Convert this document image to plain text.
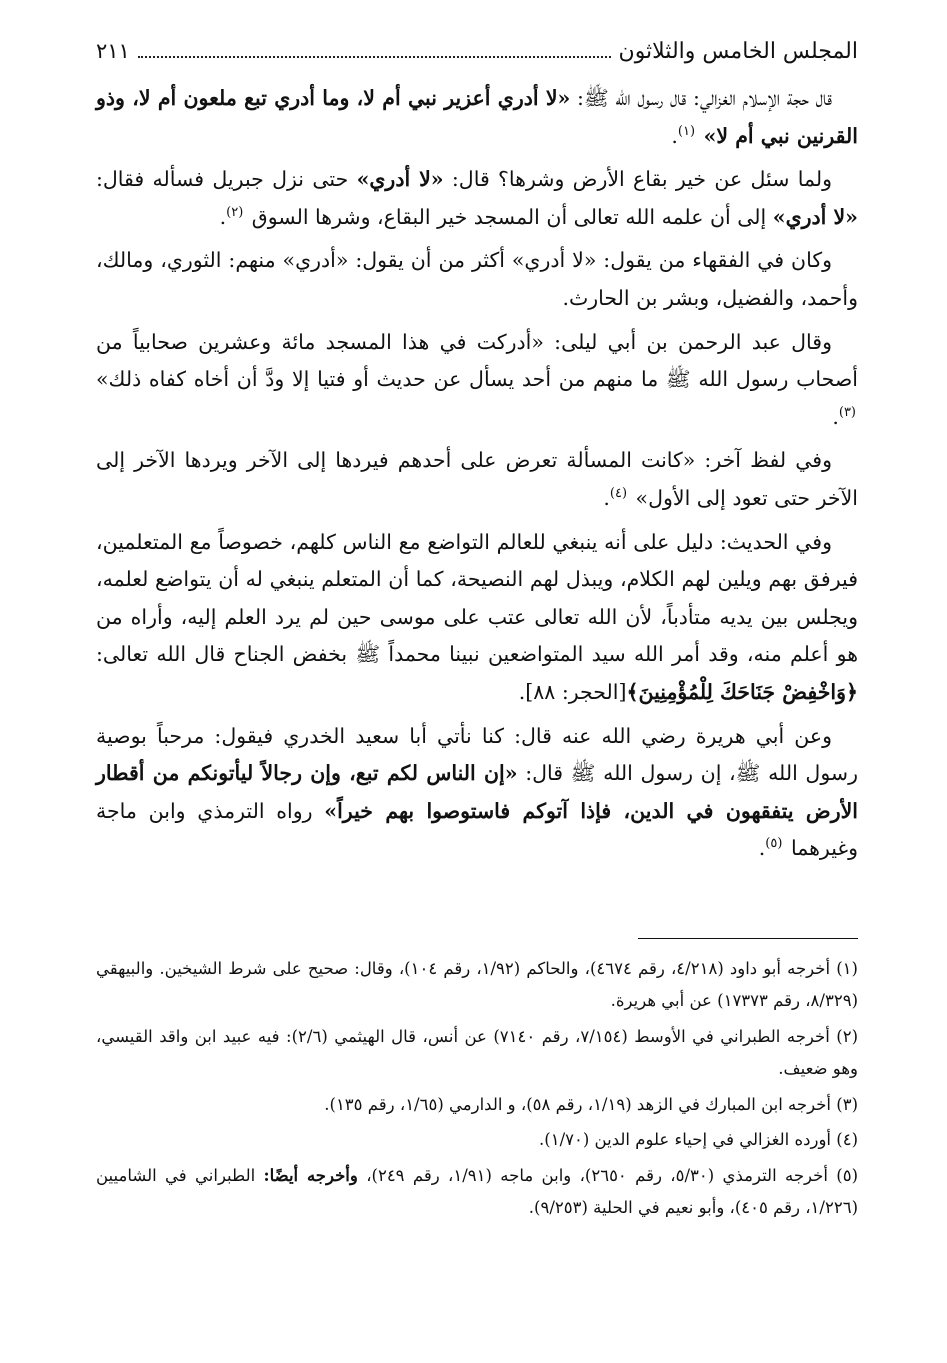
المجلس الخامس والثلاثون
٢١١

قال حجة الإسلام الغزالي: قال رسول الله ﷺ: «لا أدري أعزير نبي أم لا، وما أدري تبع ملعون أم لا، وذو القرنين نبي أم لا» $^{(١)}$.

ولما سئل عن خير بقاع الأرض وشرها؟ قال: «لا أدري» حتى نزل جبريل فسأله فقال: «لا أدري» إلى أن علمه الله تعالى أن المسجد خير البقاع، وشرها السوق $^{(٢)}$.

وكان في الفقهاء من يقول: «لا أدري» أكثر من أن يقول: «أدري» منهم: الثوري، ومالك، وأحمد، والفضيل، وبشر بن الحارث.

وقال عبد الرحمن بن أبي ليلى: «أدركت في هذا المسجد مائة وعشرين صحابياً من أصحاب رسول الله ﷺ ما منهم من أحد يسأل عن حديث أو فتيا إلا ودَّ أن أخاه كفاه ذلك» $^{(٣)}$.

وفي لفظ آخر: «كانت المسألة تعرض على أحدهم فيردها إلى الآخر ويردها الآخر إلى الآخر حتى تعود إلى الأول» $^{(٤)}$.

وفي الحديث: دليل على أنه ينبغي للعالم التواضع مع الناس كلهم، خصوصاً مع المتعلمين، فيرفق بهم ويلين لهم الكلام، ويبذل لهم النصيحة، كما أن المتعلم ينبغي له أن يتواضع لعلمه، ويجلس بين يديه متأدباً، لأن الله تعالى عتب على موسى حين لم يرد العلم إليه، وأراه من هو أعلم منه، وقد أمر الله سيد المتواضعين نبينا محمداً ﷺ بخفض الجناح قال الله تعالى: ﴿وَاخْفِضْ جَنَاحَكَ لِلْمُؤْمِنِينَ﴾[الحجر: ٨٨].

وعن أبي هريرة رضي الله عنه قال: كنا نأتي أبا سعيد الخدري فيقول: مرحباً بوصية رسول الله ﷺ، إن رسول الله ﷺ قال: «إن الناس لكم تبع، وإن رجالاً ليأتونكم من أقطار الأرض يتفقهون في الدين، فإذا آتوكم فاستوصوا بهم خيراً» رواه الترمذي وابن ماجة وغيرهما $^{(٥)}$.

(١) أخرجه أبو داود (٤/٢١٨، رقم ٤٦٧٤)، والحاكم (١/٩٢، رقم ١٠٤)، وقال: صحيح على شرط الشيخين. والبيهقي (٨/٣٢٩، رقم ١٧٣٧٣) عن أبي هريرة.

(٢) أخرجه الطبراني في الأوسط (٧/١٥٤، رقم ٧١٤٠) عن أنس، قال الهيثمي (٢/٦): فيه عبيد ابن واقد القيسي، وهو ضعيف.

(٣) أخرجه ابن المبارك في الزهد (١/١٩، رقم ٥٨)، و الدارمي (١/٦٥، رقم ١٣٥).

(٤) أورده الغزالي في إحياء علوم الدين (١/٧٠).

(٥) أخرجه الترمذي (٥/٣٠، رقم ٢٦٥٠)، وابن ماجه (١/٩١، رقم ٢٤٩)، وأخرجه أيضًا: الطبراني في الشاميين (١/٢٢٦، رقم ٤٠٥)، وأبو نعيم في الحلية (٩/٢٥٣).
